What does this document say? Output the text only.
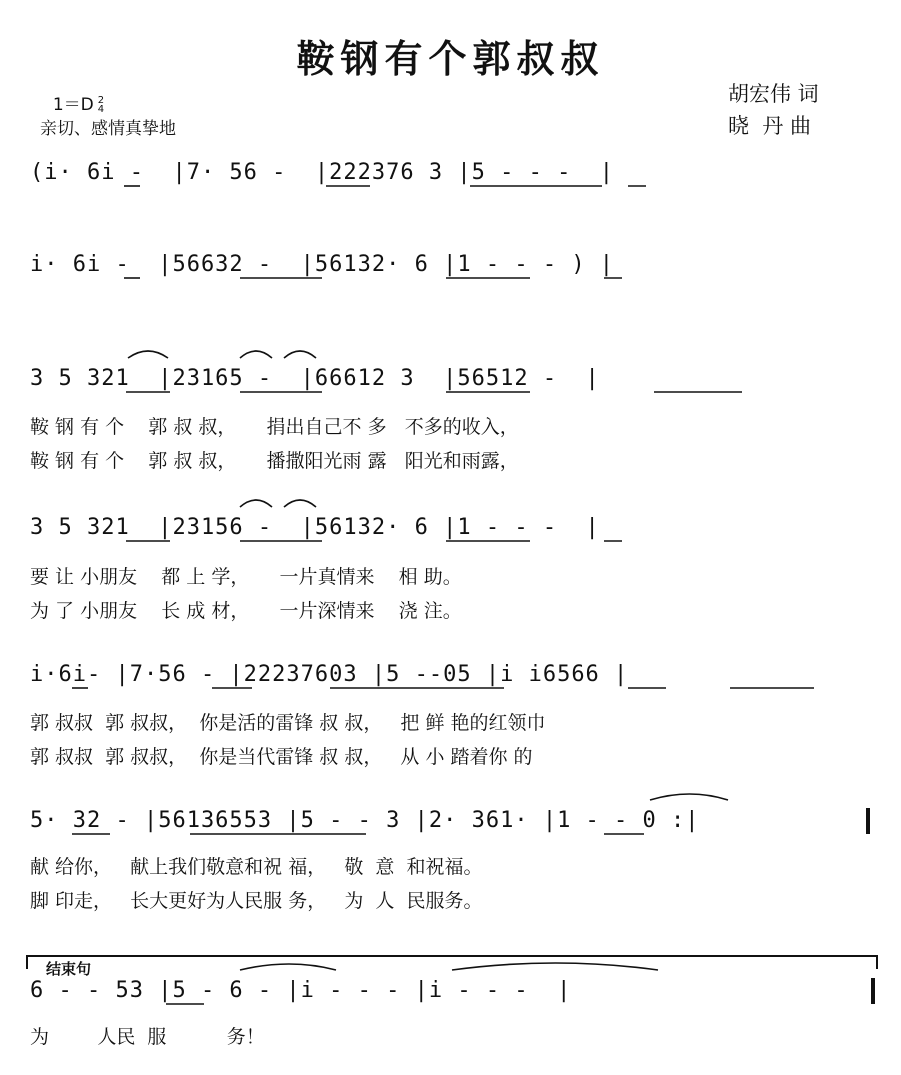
鞍钢有个郭叔叔

1＝D 2
4

亲切、感情真挚地
胡宏伟 词
晓  丹 曲
(i· 6i -  |7· 56 -  |222376 3 |5 - - -  |
i· 6i -  |56632 -  |56132· 6 |1 - - - ) |
3 5 321  |23165 -  |66612 3  |56512 -  |
鞍 钢 有 个    郭 叔 叔，     捐出自己不 多   不多的收入，
鞍 钢 有 个    郭 叔 叔，     播撒阳光雨 露   阳光和雨露，
3 5 321  |23156 -  |56132· 6 |1 - - -  |
要 让 小朋友    都 上 学，     一片真情来    相 助。
为 了 小朋友    长 成 材，     一片深情来    浇 注。
i·6i- |7·56 - |22237603 |5 --05 |i i6566 |
郭 叔叔  郭 叔叔，  你是活的雷锋 叔 叔，   把 鲜 艳的红领巾
郭 叔叔  郭 叔叔，  你是当代雷锋 叔 叔，   从 小 踏着你 的
5· 32 - |56136553 |5 - - 3 |2· 361· |1 - - 0 :|
献 给你，   献上我们敬意和祝 福，   敬  意  和祝福。
脚 印走，   长大更好为人民服 务，   为  人  民服务。
结束句
6 - - 53 |5 - 6 - |i - - - |i - - -  |
为        人民  服          务！
